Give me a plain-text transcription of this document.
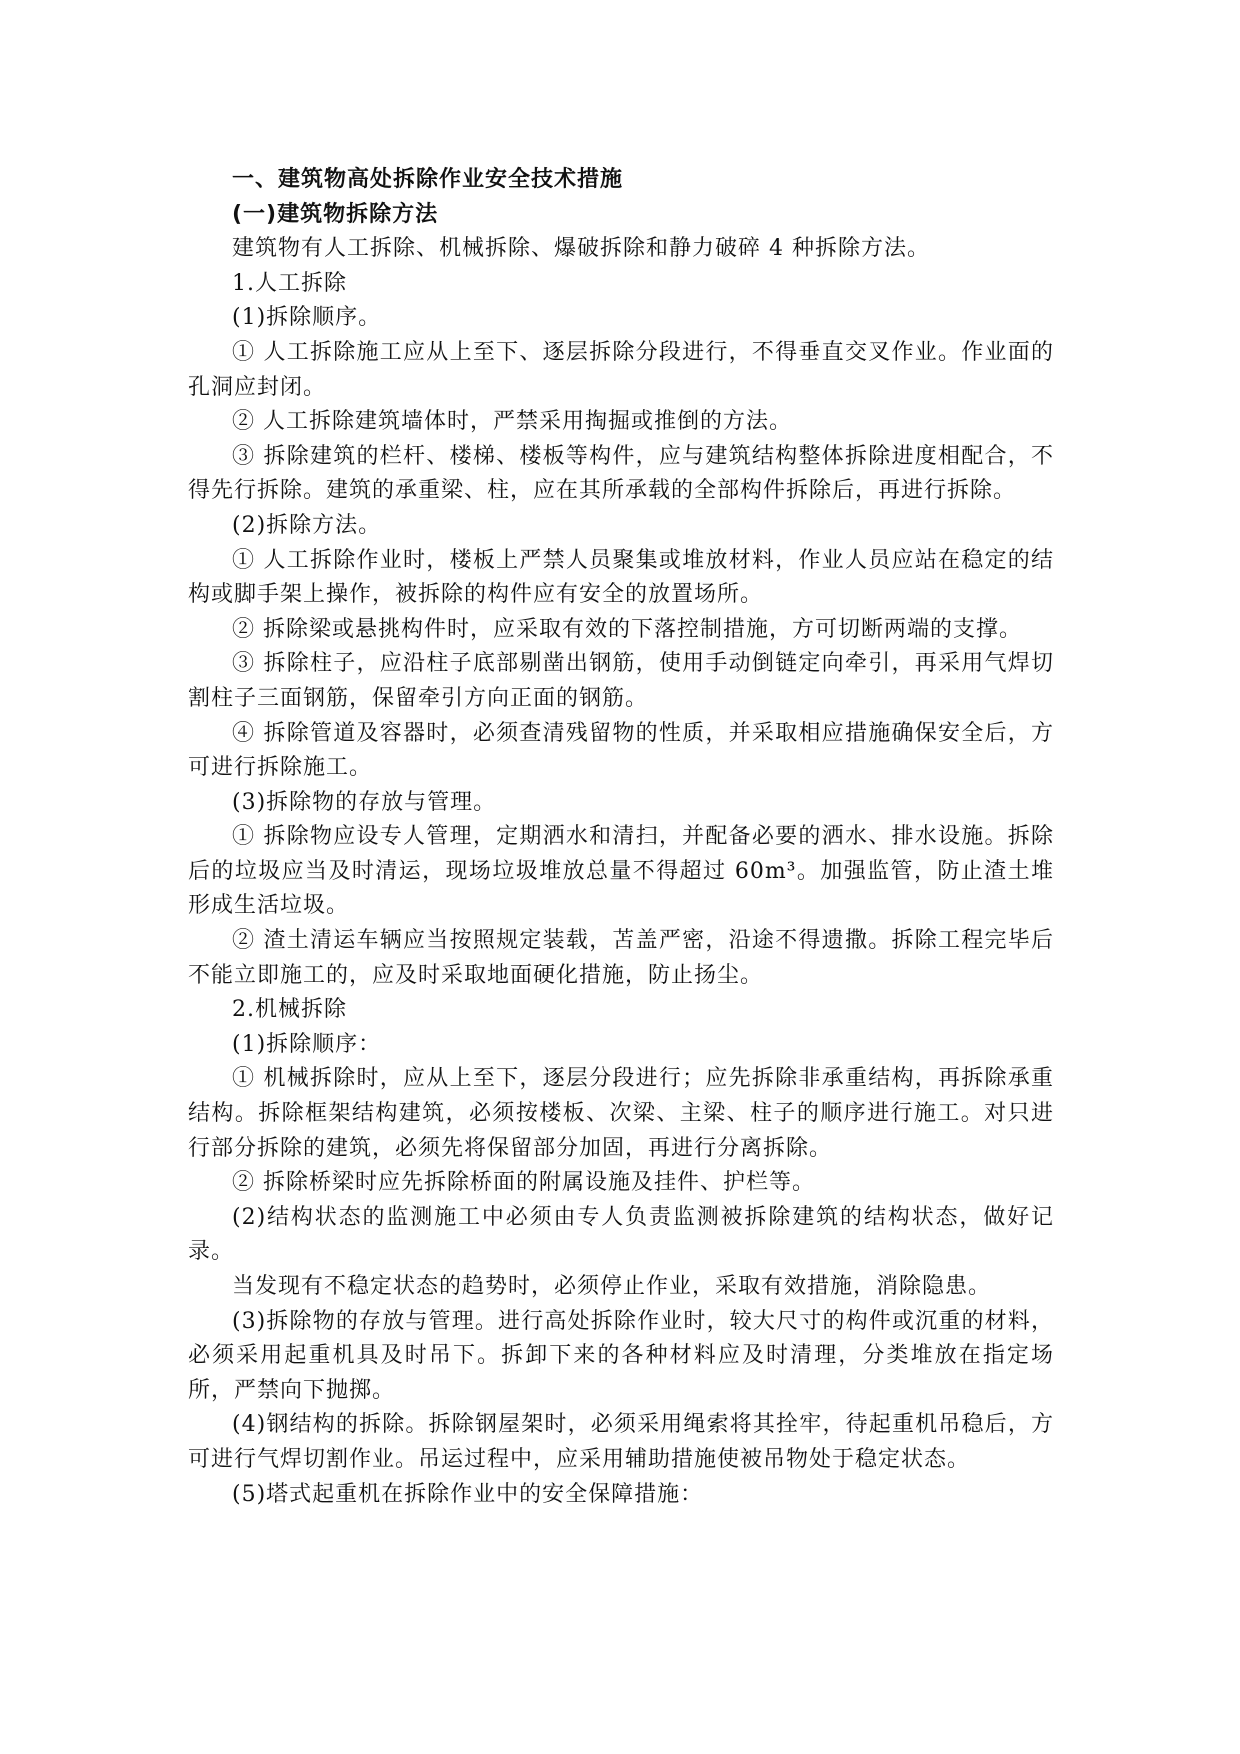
一、建筑物高处拆除作业安全技术措施

(一)建筑物拆除方法

建筑物有人工拆除、机械拆除、爆破拆除和静力破碎 4 种拆除方法。

1.人工拆除

(1)拆除顺序。

① 人工拆除施工应从上至下、逐层拆除分段进行，不得垂直交叉作业。作业面的孔洞应封闭。

② 人工拆除建筑墙体时，严禁采用掏掘或推倒的方法。

③ 拆除建筑的栏杆、楼梯、楼板等构件，应与建筑结构整体拆除进度相配合，不得先行拆除。建筑的承重梁、柱，应在其所承载的全部构件拆除后，再进行拆除。

(2)拆除方法。

① 人工拆除作业时，楼板上严禁人员聚集或堆放材料，作业人员应站在稳定的结构或脚手架上操作，被拆除的构件应有安全的放置场所。

② 拆除梁或悬挑构件时，应采取有效的下落控制措施，方可切断两端的支撑。

③ 拆除柱子，应沿柱子底部剔凿出钢筋，使用手动倒链定向牵引，再采用气焊切割柱子三面钢筋，保留牵引方向正面的钢筋。

④ 拆除管道及容器时，必须查清残留物的性质，并采取相应措施确保安全后，方可进行拆除施工。

(3)拆除物的存放与管理。

① 拆除物应设专人管理，定期洒水和清扫，并配备必要的洒水、排水设施。拆除后的垃圾应当及时清运，现场垃圾堆放总量不得超过 60m³。加强监管，防止渣土堆形成生活垃圾。

② 渣土清运车辆应当按照规定装载，苫盖严密，沿途不得遗撒。拆除工程完毕后不能立即施工的，应及时采取地面硬化措施，防止扬尘。

2.机械拆除

(1)拆除顺序：

① 机械拆除时，应从上至下，逐层分段进行；应先拆除非承重结构，再拆除承重结构。拆除框架结构建筑，必须按楼板、次梁、主梁、柱子的顺序进行施工。对只进行部分拆除的建筑，必须先将保留部分加固，再进行分离拆除。

② 拆除桥梁时应先拆除桥面的附属设施及挂件、护栏等。

(2)结构状态的监测施工中必须由专人负责监测被拆除建筑的结构状态，做好记录。

当发现有不稳定状态的趋势时，必须停止作业，采取有效措施，消除隐患。

(3)拆除物的存放与管理。进行高处拆除作业时，较大尺寸的构件或沉重的材料，必须采用起重机具及时吊下。拆卸下来的各种材料应及时清理，分类堆放在指定场所，严禁向下抛掷。

(4)钢结构的拆除。拆除钢屋架时，必须采用绳索将其拴牢，待起重机吊稳后，方可进行气焊切割作业。吊运过程中，应采用辅助措施使被吊物处于稳定状态。

(5)塔式起重机在拆除作业中的安全保障措施：
